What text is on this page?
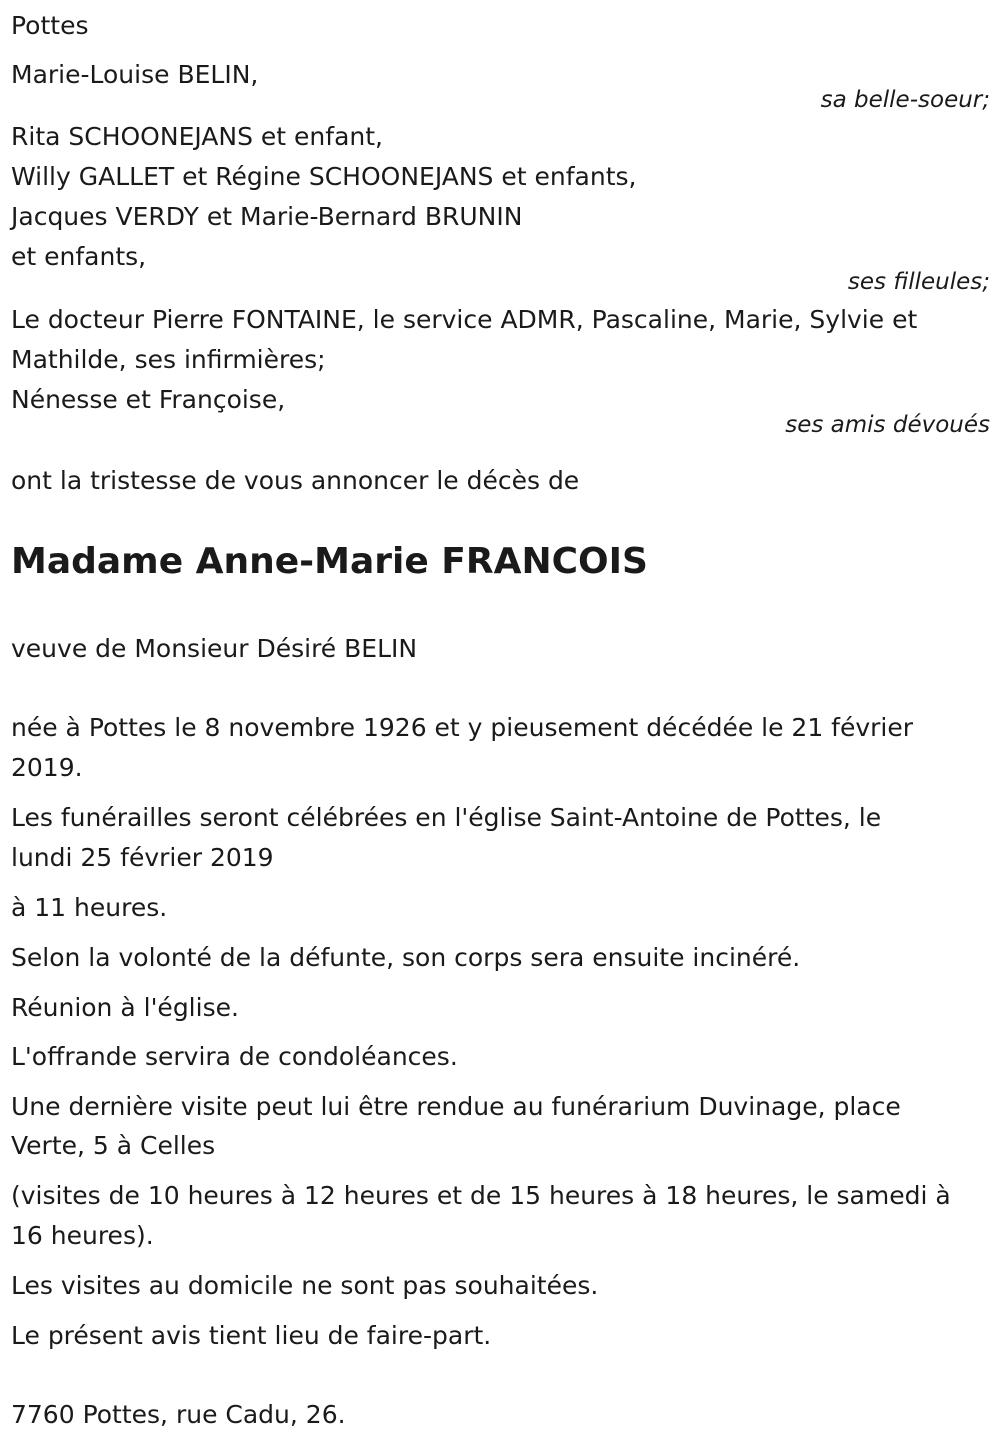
Pottes

Marie-Louise BELIN,

sa belle-soeur;

Rita SCHOONEJANS et enfant,

Willy GALLET et Régine SCHOONEJANS et enfants,

Jacques VERDY et Marie-Bernard BRUNIN

et enfants,

ses filleules;

Le docteur Pierre FONTAINE, le service ADMR, Pascaline, Marie, Sylvie et

Mathilde, ses infirmières;

Nénesse et Françoise,

ses amis dévoués

ont la tristesse de vous annoncer le décès de

Madame Anne-Marie FRANCOIS

veuve de Monsieur Désiré BELIN

née à Pottes le 8 novembre 1926 et y pieusement décédée le 21 février

2019.

Les funérailles seront célébrées en l'église Saint-Antoine de Pottes, le

lundi 25 février 2019

à 11 heures.

Selon la volonté de la défunte, son corps sera ensuite incinéré.

Réunion à l'église.

L'offrande servira de condoléances.

Une dernière visite peut lui être rendue au funérarium Duvinage, place

Verte, 5 à Celles

(visites de 10 heures à 12 heures et de 15 heures à 18 heures, le samedi à

16 heures).

Les visites au domicile ne sont pas souhaitées.

Le présent avis tient lieu de faire-part.

7760 Pottes, rue Cadu, 26.
